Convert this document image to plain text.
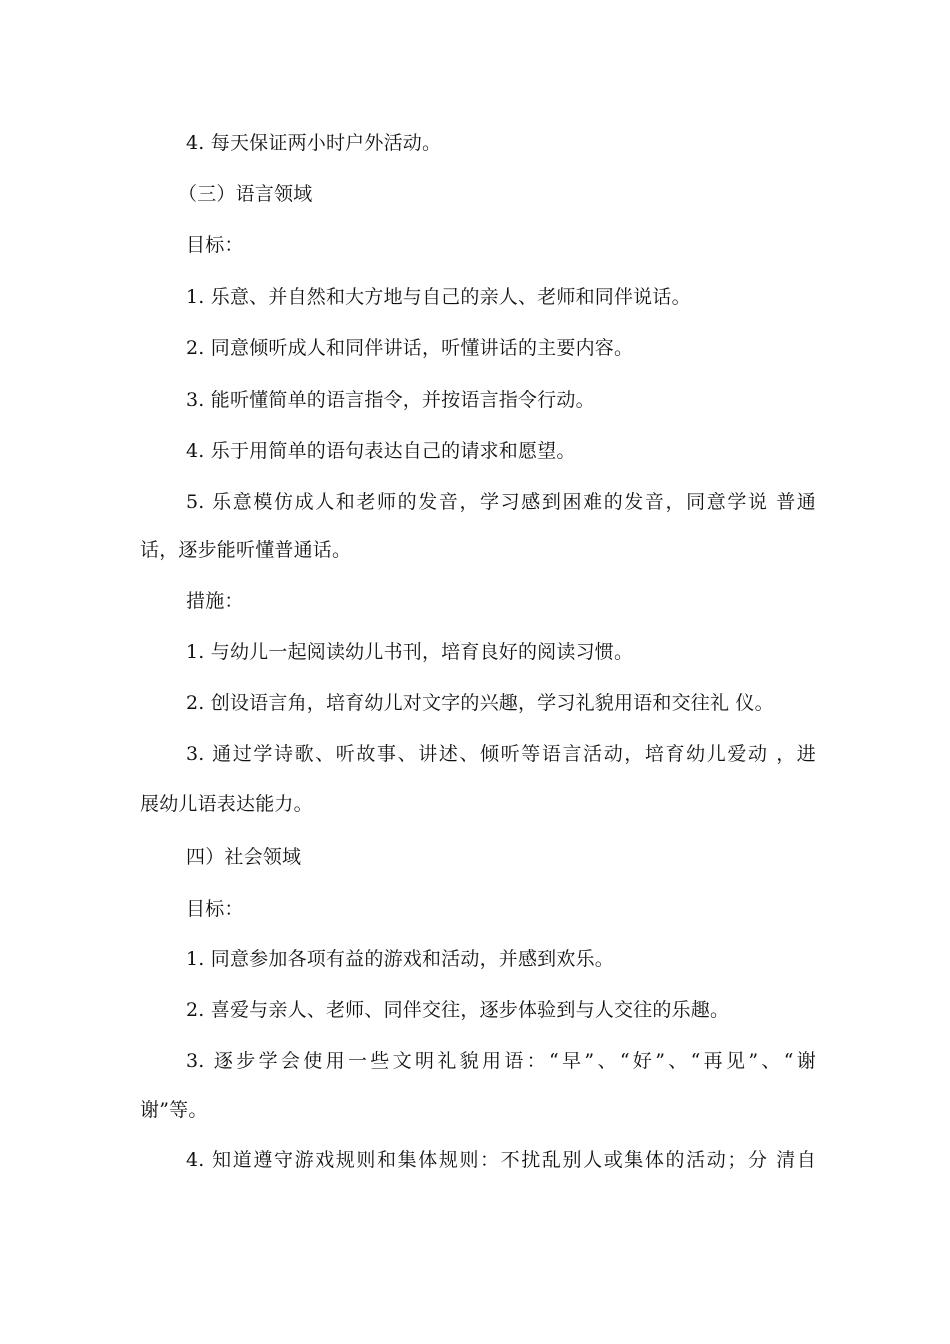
4. 每天保证两小时户外活动。
（三）语言领域
目标：
1. 乐意、并自然和大方地与自己的亲人、老师和同伴说话。
2. 同意倾听成人和同伴讲话，听懂讲话的主要内容。
3. 能听懂简单的语言指令，并按语言指令行动。
4. 乐于用简单的语句表达自己的请求和愿望。
5. 乐意模仿成人和老师的发音，学习感到困难的发音，同意学说 普通
话，逐步能听懂普通话。
措施：
1. 与幼儿一起阅读幼儿书刊，培育良好的阅读习惯。
2. 创设语言角，培育幼儿对文字的兴趣，学习礼貌用语和交往礼 仪。
3. 通过学诗歌、听故事、讲述、倾听等语言活动，培育幼儿爱动 ，进
展幼儿语表达能力。
四）社会领域
目标：
1. 同意参加各项有益的游戏和活动，并感到欢乐。
2. 喜爱与亲人、老师、同伴交往，逐步体验到与人交往的乐趣。
3. 逐步学会使用一些文明礼貌用语：“早”、“好”、“再见”、“谢
谢”等。
4. 知道遵守游戏规则和集体规则：不扰乱别人或集体的活动；分 清自
